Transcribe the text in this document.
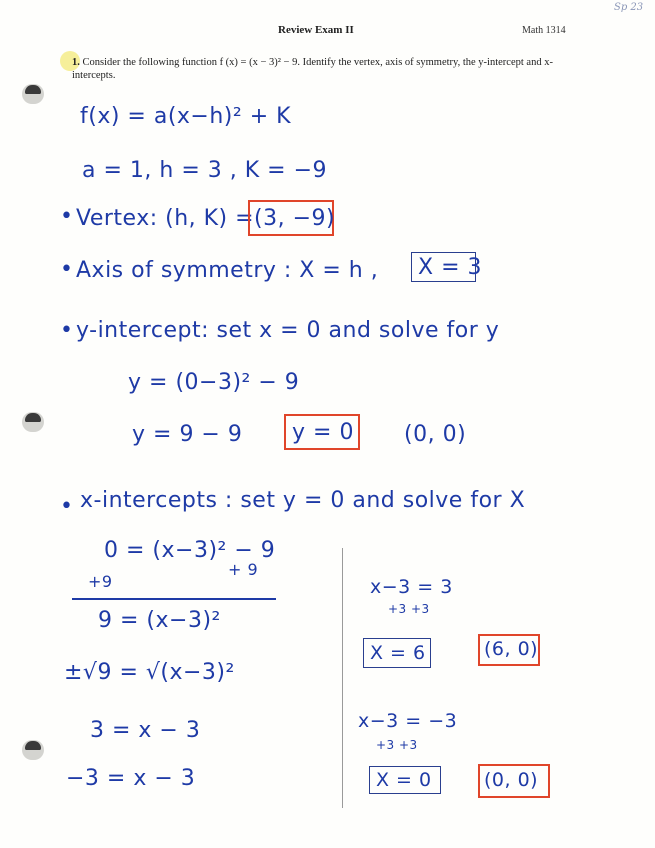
Sp 23
Review Exam II	Math 1314
1. Consider the following function f (x) = (x − 3)² − 9. Identify the vertex, axis of symmetry, the y-intercept and x-intercepts.
f(x) = a(x−h)² + K
a = 1, h = 3 , K = −9
• Vertex: (h, K) = (3, −9)
• Axis of symmetry : X = h , X = 3
• y-intercept: set x = 0 and solve for y
y = (0−3)² − 9
y = 9 − 9 y = 0 (0, 0)
• x-intercepts : set y = 0 and solve for X
0 = (x−3)² − 9
+ 9
+9
9 = (x−3)²
±√9 = √(x−3)²
3 = x − 3
−3 = x − 3
x−3 = 3
+3 +3
X = 6	(6, 0)
x−3 = −3
+3 +3
X = 0	(0, 0)
